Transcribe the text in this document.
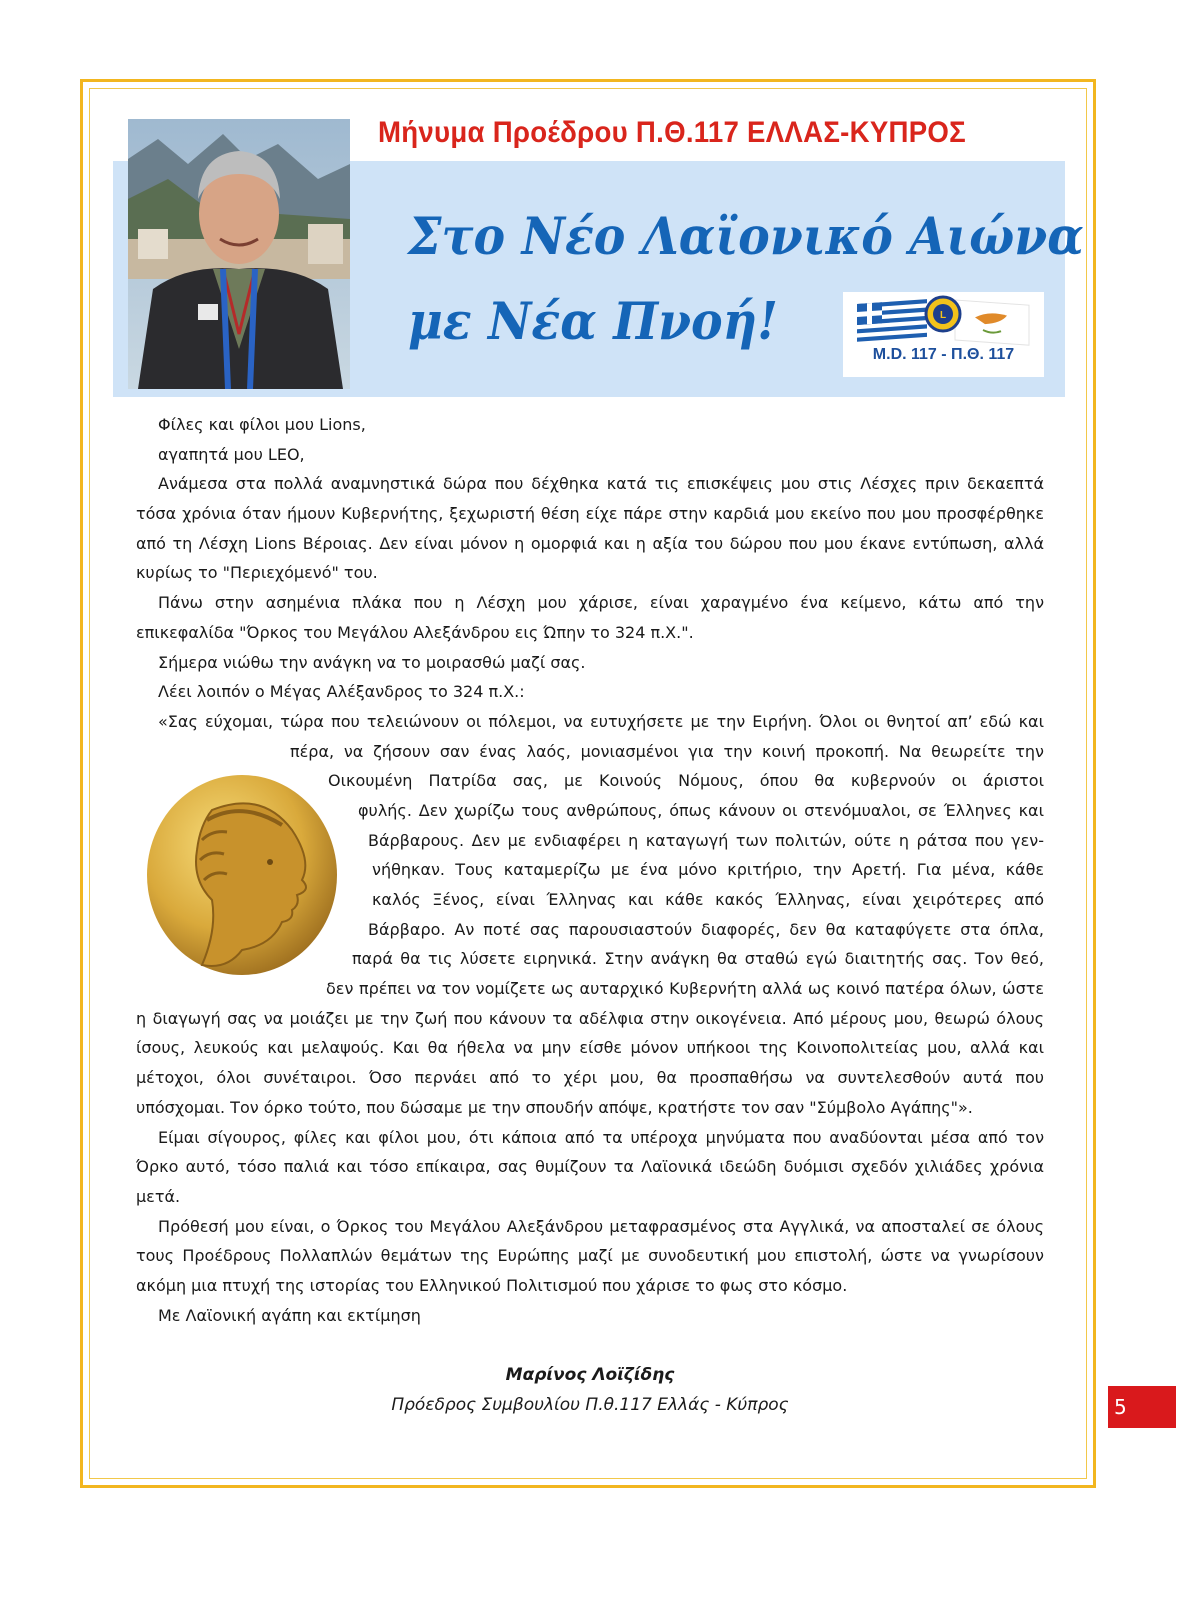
Μήνυμα Προέδρου Π.Θ.117 ΕΛΛΑΣ-ΚΥΠΡΟΣ
Στο Νέο Λαϊονικό Αιώνα
με Νέα Πνοή!	L
M.D. 117 - Π.Θ. 117
Φίλες και φίλοι μου Lions,
αγαπητά μου LEO,
Ανάμεσα στα πολλά αναμνηστικά δώρα που δέχθηκα κατά τις επισκέψεις μου στις Λέσχες πριν δεκαεπτά
τόσα χρόνια όταν ήμουν Κυβερνήτης, ξεχωριστή θέση είχε πάρε στην καρδιά μου εκείνο που μου προσφέρθηκε
από τη Λέσχη Lions Βέροιας. Δεν είναι μόνον η ομορφιά και η αξία του δώρου που μου έκανε εντύπωση, αλλά
κυρίως το "Περιεχόμενό" του.
Πάνω στην ασημένια πλάκα που η Λέσχη μου χάρισε, είναι χαραγμένο ένα κείμενο, κάτω από την
επικεφαλίδα "Όρκος του Μεγάλου Αλεξάνδρου εις Ώπην το 324 π.Χ.".
Σήμερα νιώθω την ανάγκη να το μοιρασθώ μαζί σας.
Λέει λοιπόν ο Μέγας Αλέξανδρος το 324 π.Χ.:
«Σας εύχομαι, τώρα που τελειώνουν οι πόλεμοι, να ευτυχήσετε με την Ειρήνη. Όλοι οι θνητοί απ’ εδώ και
πέρα, να ζήσουν σαν ένας λαός, μονιασμένοι για την κοινή προκοπή. Να θεωρείτε την
Οικουμένη Πατρίδα σας, με Κοινούς Νόμους, όπου θα κυβερνούν οι άριστοι
φυλής. Δεν χωρίζω τους ανθρώπους, όπως κάνουν οι στενόμυαλοι, σε Έλληνες και
Βάρβαρους. Δεν με ενδιαφέρει η καταγωγή των πολιτών, ούτε η ράτσα που γεν-
νήθηκαν. Τους καταμερίζω με ένα μόνο κριτήριο, την Αρετή. Για μένα, κάθε
καλός Ξένος, είναι Έλληνας και κάθε κακός Έλληνας, είναι χειρότερες από
Βάρβαρο. Αν ποτέ σας παρουσιαστούν διαφορές, δεν θα καταφύγετε στα όπλα,
παρά θα τις λύσετε ειρηνικά. Στην ανάγκη θα σταθώ εγώ διαιτητής σας. Τον θεό,
δεν πρέπει να τον νομίζετε ως αυταρχικό Κυβερνήτη αλλά ως κοινό πατέρα όλων, ώστε
η διαγωγή σας να μοιάζει με την ζωή που κάνουν τα αδέλφια στην οικογένεια. Από μέρους μου, θεωρώ όλους
ίσους, λευκούς και μελαψούς. Και θα ήθελα να μην είσθε μόνον υπήκοοι της Κοινοπολιτείας μου, αλλά και
μέτοχοι, όλοι συνέταιροι. Όσο περνάει από το χέρι μου, θα προσπαθήσω να συντελεσθούν αυτά που
υπόσχομαι. Τον όρκο τούτο, που δώσαμε με την σπουδήν απόψε, κρατήστε τον σαν "Σύμβολο Αγάπης"».
Είμαι σίγουρος, φίλες και φίλοι μου, ότι κάποια από τα υπέροχα μηνύματα που αναδύονται μέσα από τον
Όρκο αυτό, τόσο παλιά και τόσο επίκαιρα, σας θυμίζουν τα Λαϊονικά ιδεώδη δυόμισι σχεδόν χιλιάδες χρόνια
μετά.
Πρόθεσή μου είναι, ο Όρκος του Μεγάλου Αλεξάνδρου μεταφρασμένος στα Αγγλικά, να αποσταλεί σε όλους
τους Προέδρους Πολλαπλών θεμάτων της Ευρώπης μαζί με συνοδευτική μου επιστολή, ώστε να γνωρίσουν
ακόμη μια πτυχή της ιστορίας του Ελληνικού Πολιτισμού που χάρισε το φως στο κόσμο.
Με Λαϊονική αγάπη και εκτίμηση
Μαρίνος Λοϊζίδης
Πρόεδρος Συμβουλίου Π.θ.117 Ελλάς - Κύπρος	5
